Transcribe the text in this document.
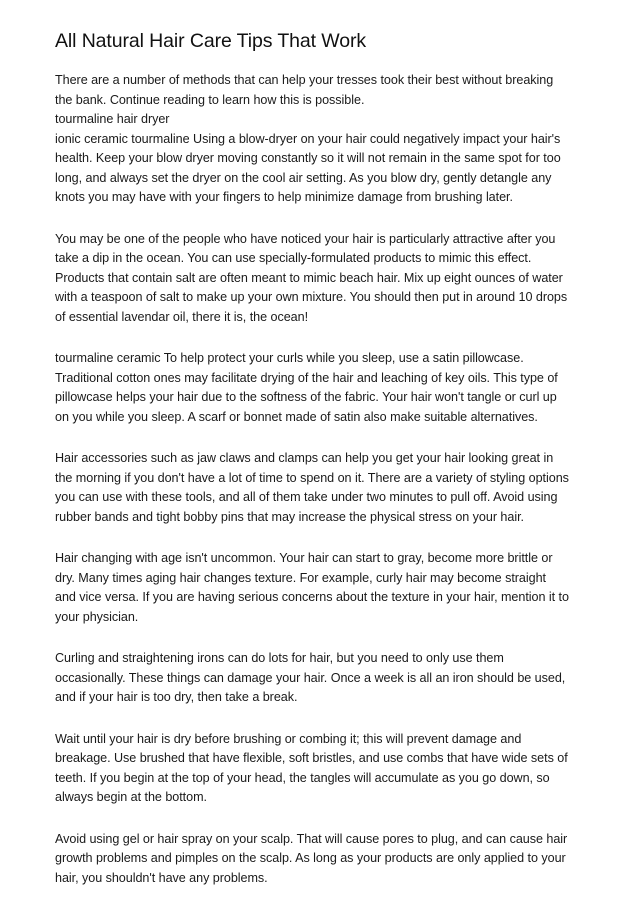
All Natural Hair Care Tips That Work

There are a number of methods that can help your tresses took their best without breaking
the bank. Continue reading to learn how this is possible.
tourmaline hair dryer
ionic ceramic tourmaline Using a blow-dryer on your hair could negatively impact your hair's
health. Keep your blow dryer moving constantly so it will not remain in the same spot for too
long, and always set the dryer on the cool air setting. As you blow dry, gently detangle any
knots you may have with your fingers to help minimize damage from brushing later.

You may be one of the people who have noticed your hair is particularly attractive after you
take a dip in the ocean. You can use specially-formulated products to mimic this effect.
Products that contain salt are often meant to mimic beach hair. Mix up eight ounces of water
with a teaspoon of salt to make up your own mixture. You should then put in around 10 drops
of essential lavendar oil, there it is, the ocean!

tourmaline ceramic To help protect your curls while you sleep, use a satin pillowcase.
Traditional cotton ones may facilitate drying of the hair and leaching of key oils. This type of
pillowcase helps your hair due to the softness of the fabric. Your hair won't tangle or curl up
on you while you sleep. A scarf or bonnet made of satin also make suitable alternatives.

Hair accessories such as jaw claws and clamps can help you get your hair looking great in
the morning if you don't have a lot of time to spend on it. There are a variety of styling options
you can use with these tools, and all of them take under two minutes to pull off. Avoid using
rubber bands and tight bobby pins that may increase the physical stress on your hair.

Hair changing with age isn't uncommon. Your hair can start to gray, become more brittle or
dry. Many times aging hair changes texture. For example, curly hair may become straight
and vice versa. If you are having serious concerns about the texture in your hair, mention it to
your physician.

Curling and straightening irons can do lots for hair, but you need to only use them
occasionally. These things can damage your hair. Once a week is all an iron should be used,
and if your hair is too dry, then take a break.

Wait until your hair is dry before brushing or combing it; this will prevent damage and
breakage. Use brushed that have flexible, soft bristles, and use combs that have wide sets of
teeth. If you begin at the top of your head, the tangles will accumulate as you go down, so
always begin at the bottom.

Avoid using gel or hair spray on your scalp. That will cause pores to plug, and can cause hair
growth problems and pimples on the scalp. As long as your products are only applied to your
hair, you shouldn't have any problems.
